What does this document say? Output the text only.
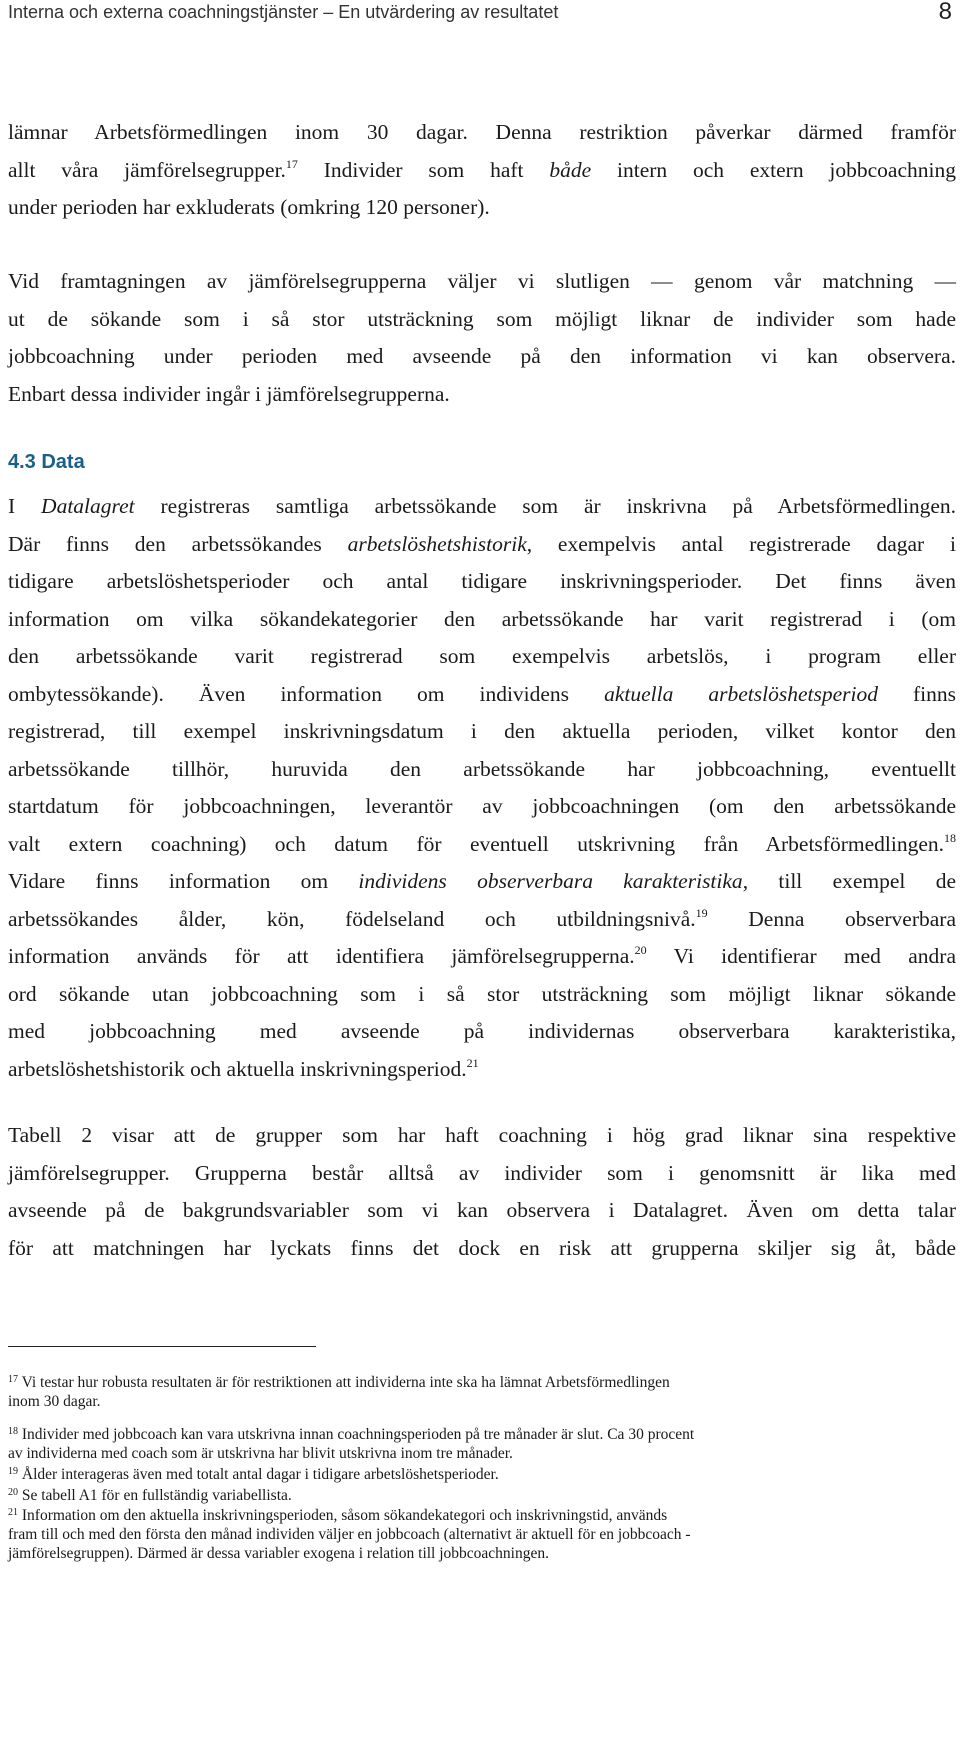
Interna och externa coachningstjänster – En utvärdering av resultatet	8

lämnar Arbetsförmedlingen inom 30 dagar. Denna restriktion påverkar därmed framför
allt våra jämförelsegrupper.$^{17}$ Individer som haft både intern och extern jobbcoachning
under perioden har exkluderats (omkring 120 personer).

Vid framtagningen av jämförelsegrupperna väljer vi slutligen — genom vår matchning —
ut de sökande som i så stor utsträckning som möjligt liknar de individer som hade
jobbcoachning under perioden med avseende på den information vi kan observera.
Enbart dessa individer ingår i jämförelsegrupperna.

4.3 Data

I Datalagret registreras samtliga arbetssökande som är inskrivna på Arbetsförmedlingen.
Där finns den arbetssökandes arbetslöshetshistorik, exempelvis antal registrerade dagar i
tidigare arbetslöshetsperioder och antal tidigare inskrivningsperioder. Det finns även
information om vilka sökandekategorier den arbetssökande har varit registrerad i (om
den arbetssökande varit registrerad som exempelvis arbetslös, i program eller
ombytessökande). Även information om individens aktuella arbetslöshetsperiod finns
registrerad, till exempel inskrivningsdatum i den aktuella perioden, vilket kontor den
arbetssökande tillhör, huruvida den arbetssökande har jobbcoachning, eventuellt
startdatum för jobbcoachningen, leverantör av jobbcoachningen (om den arbetssökande
valt extern coachning) och datum för eventuell utskrivning från Arbetsförmedlingen.$^{18}$
Vidare finns information om individens observerbara karakteristika, till exempel de
arbetssökandes ålder, kön, födelseland och utbildningsnivå.$^{19}$ Denna observerbara
information används för att identifiera jämförelsegrupperna.$^{20}$ Vi identifierar med andra
ord sökande utan jobbcoachning som i så stor utsträckning som möjligt liknar sökande
med jobbcoachning med avseende på individernas observerbara karakteristika,
arbetslöshetshistorik och aktuella inskrivningsperiod.$^{21}$

Tabell 2 visar att de grupper som har haft coachning i hög grad liknar sina respektive
jämförelsegrupper. Grupperna består alltså av individer som i genomsnitt är lika med
avseende på de bakgrundsvariabler som vi kan observera i Datalagret. Även om detta talar
för att matchningen har lyckats finns det dock en risk att grupperna skiljer sig åt, både

$^{17}$ Vi testar hur robusta resultaten är för restriktionen att individerna inte ska ha lämnat Arbetsförmedlingen
inom 30 dagar.

$^{18}$ Individer med jobbcoach kan vara utskrivna innan coachningsperioden på tre månader är slut. Ca 30 procent
av individerna med coach som är utskrivna har blivit utskrivna inom tre månader.

$^{19}$ Ålder interageras även med totalt antal dagar i tidigare arbetslöshetsperioder.

$^{20}$ Se tabell A1 för en fullständig variabellista.

$^{21}$ Information om den aktuella inskrivningsperioden, såsom sökandekategori och inskrivningstid, används
fram till och med den första den månad individen väljer en jobbcoach (alternativt är aktuell för en jobbcoach -
jämförelsegruppen). Därmed är dessa variabler exogena i relation till jobbcoachningen.
